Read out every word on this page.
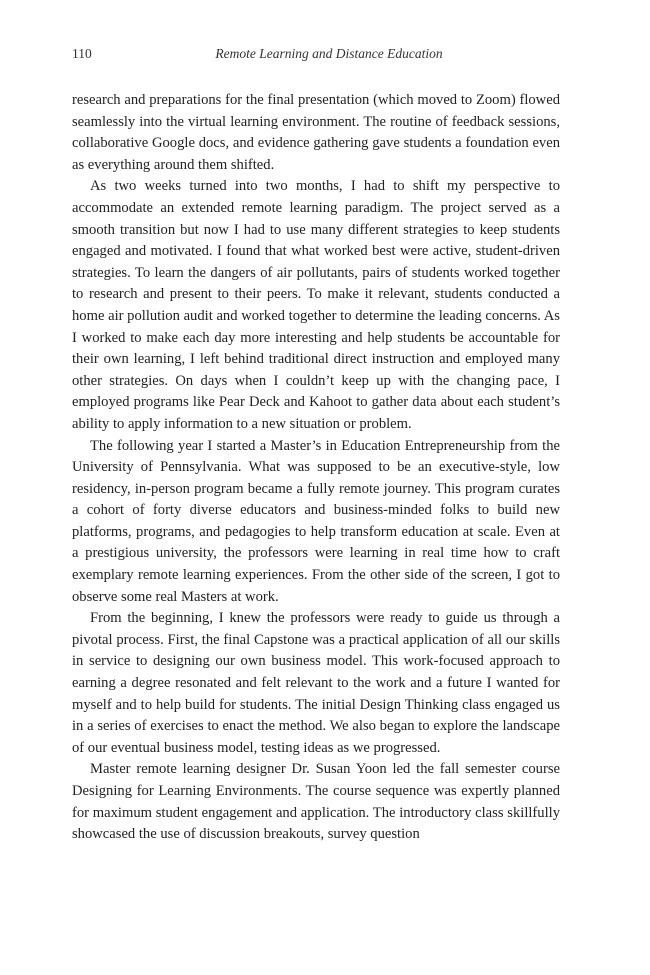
110	Remote Learning and Distance Education

research and preparations for the final presentation (which moved to Zoom) flowed seamlessly into the virtual learning environment. The routine of feedback sessions, collaborative Google docs, and evidence gathering gave students a foundation even as everything around them shifted.

As two weeks turned into two months, I had to shift my perspective to accommodate an extended remote learning paradigm. The project served as a smooth transition but now I had to use many different strategies to keep students engaged and motivated. I found that what worked best were active, student-driven strategies. To learn the dangers of air pollutants, pairs of students worked together to research and present to their peers. To make it relevant, students conducted a home air pollution audit and worked together to determine the leading concerns. As I worked to make each day more interesting and help students be accountable for their own learning, I left behind traditional direct instruction and employed many other strategies. On days when I couldn’t keep up with the changing pace, I employed programs like Pear Deck and Kahoot to gather data about each student’s ability to apply information to a new situation or problem.

The following year I started a Master’s in Education Entrepreneurship from the University of Pennsylvania. What was supposed to be an executive-style, low residency, in-person program became a fully remote journey. This program curates a cohort of forty diverse educators and business-minded folks to build new platforms, programs, and pedagogies to help transform education at scale. Even at a prestigious university, the professors were learning in real time how to craft exemplary remote learning experiences. From the other side of the screen, I got to observe some real Masters at work.

From the beginning, I knew the professors were ready to guide us through a pivotal process. First, the final Capstone was a practical application of all our skills in service to designing our own business model. This work-focused approach to earning a degree resonated and felt relevant to the work and a future I wanted for myself and to help build for students. The initial Design Thinking class engaged us in a series of exercises to enact the method. We also began to explore the landscape of our eventual business model, testing ideas as we progressed.

Master remote learning designer Dr. Susan Yoon led the fall semester course Designing for Learning Environments. The course sequence was expertly planned for maximum student engagement and application. The introductory class skillfully showcased the use of discussion breakouts, survey question
